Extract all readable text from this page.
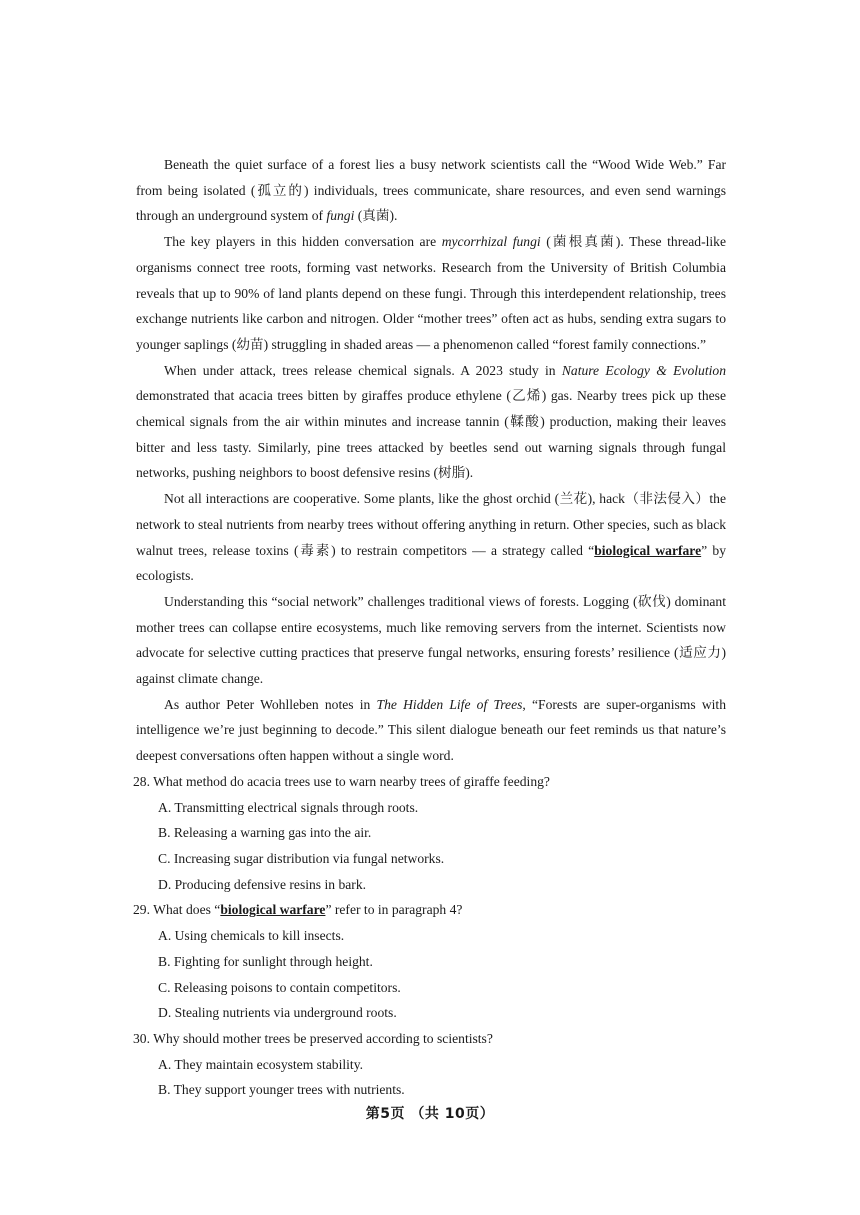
Beneath the quiet surface of a forest lies a busy network scientists call the “Wood Wide Web.” Far from being isolated (孤立的) individuals, trees communicate, share resources, and even send warnings through an underground system of fungi (真菌).

The key players in this hidden conversation are mycorrhizal fungi (菌根真菌). These thread-like organisms connect tree roots, forming vast networks. Research from the University of British Columbia reveals that up to 90% of land plants depend on these fungi. Through this interdependent relationship, trees exchange nutrients like carbon and nitrogen. Older “mother trees” often act as hubs, sending extra sugars to younger saplings (幼苗) struggling in shaded areas — a phenomenon called “forest family connections.”

When under attack, trees release chemical signals. A 2023 study in Nature Ecology & Evolution demonstrated that acacia trees bitten by giraffes produce ethylene (乙烯) gas. Nearby trees pick up these chemical signals from the air within minutes and increase tannin (鞣酸) production, making their leaves bitter and less tasty. Similarly, pine trees attacked by beetles send out warning signals through fungal networks, pushing neighbors to boost defensive resins (树脂).

Not all interactions are cooperative. Some plants, like the ghost orchid (兰花), hack（非法侵入）the network to steal nutrients from nearby trees without offering anything in return. Other species, such as black walnut trees, release toxins (毒素) to restrain competitors — a strategy called “biological warfare” by ecologists.

Understanding this “social network” challenges traditional views of forests. Logging (砍伐) dominant mother trees can collapse entire ecosystems, much like removing servers from the internet. Scientists now advocate for selective cutting practices that preserve fungal networks, ensuring forests’ resilience (适应力) against climate change.

As author Peter Wohlleben notes in The Hidden Life of Trees, “Forests are super-organisms with intelligence we’re just beginning to decode.” This silent dialogue beneath our feet reminds us that nature’s deepest conversations often happen without a single word.

28. What method do acacia trees use to warn nearby trees of giraffe feeding?

A. Transmitting electrical signals through roots.

B. Releasing a warning gas into the air.

C. Increasing sugar distribution via fungal networks.

D. Producing defensive resins in bark.

29. What does “biological warfare” refer to in paragraph 4?

A. Using chemicals to kill insects.

B. Fighting for sunlight through height.

C. Releasing poisons to contain competitors.

D. Stealing nutrients via underground roots.

30. Why should mother trees be preserved according to scientists?

A. They maintain ecosystem stability.

B. They support younger trees with nutrients.

第5页 （共 10页）
